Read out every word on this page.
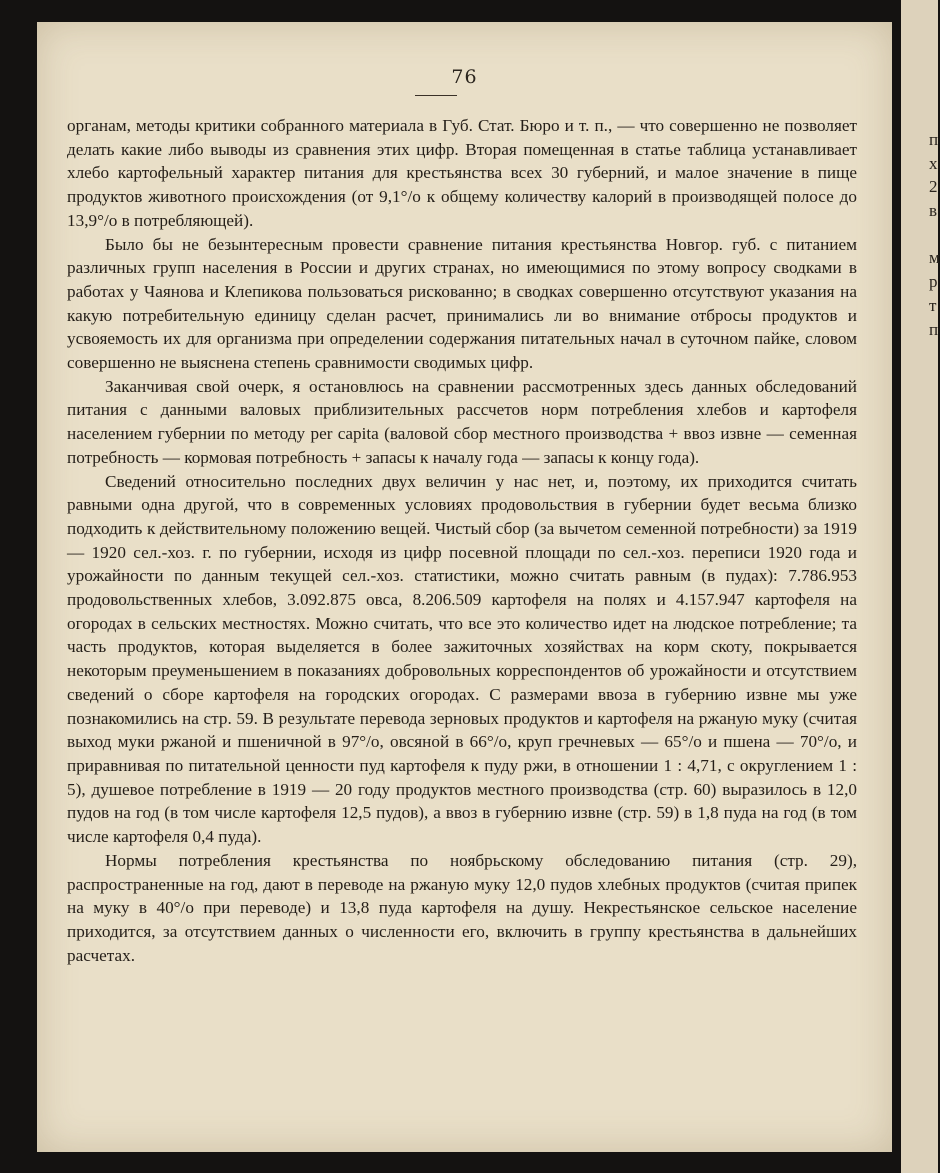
76

органам, методы критики собранного материала в Губ. Стат. Бюро и т. п., — что совершенно не позволяет делать какие либо выводы из сравнения этих цифр. Вторая помещенная в статье таблица устанавливает хлебо картофельный характер питания для крестьянства всех 30 губерний, и малое значение в пище продуктов животного происхождения (от 9,1°/о к общему количеству калорий в производящей полосе до 13,9°/о в потребляющей).

Было бы не безынтересным провести сравнение питания крестьянства Новгор. губ. с питанием различных групп населения в России и других странах, но имеющимися по этому вопросу сводками в работах у Чаянова и Клепикова пользоваться рискованно; в сводках совершенно отсутствуют указания на какую потребительную единицу сделан расчет, принимались ли во внимание отбросы продуктов и усвояемость их для организма при определении содержания питательных начал в суточном пайке, словом совершенно не выяснена степень сравнимости сводимых цифр.

Заканчивая свой очерк, я остановлюсь на сравнении рассмотренных здесь данных обследований питания с данными валовых приблизительных рассчетов норм потребления хлебов и картофеля населением губернии по методу per capita (валовой сбор местного производства + ввоз извне — семенная потребность — кормовая потребность + запасы к началу года — запасы к концу года).

Сведений относительно последних двух величин у нас нет, и, поэтому, их приходится считать равными одна другой, что в современных условиях продовольствия в губернии будет весьма близко подходить к действительному положению вещей. Чистый сбор (за вычетом семенной потребности) за 1919 — 1920 сел.-хоз. г. по губернии, исходя из цифр посевной площади по сел.-хоз. переписи 1920 года и урожайности по данным текущей сел.-хоз. статистики, можно считать равным (в пудах): 7.786.953 продовольственных хлебов, 3.092.875 овса, 8.206.509 картофеля на полях и 4.157.947 картофеля на огородах в сельских местностях. Можно считать, что все это количество идет на людское потребление; та часть продуктов, которая выделяется в более зажиточных хозяйствах на корм скоту, покрывается некоторым преуменьшением в показаниях добровольных корреспондентов об урожайности и отсутствием сведений о сборе картофеля на городских огородах. С размерами ввоза в губернию извне мы уже познакомились на стр. 59. В результате перевода зерновых продуктов и картофеля на ржаную муку (считая выход муки ржаной и пшеничной в 97°/о, овсяной в 66°/о, круп гречневых — 65°/о и пшена — 70°/о, и приравнивая по питательной ценности пуд картофеля к пуду ржи, в отношении 1 : 4,71, с округлением 1 : 5), душевое потребление в 1919 — 20 году продуктов местного производства (стр. 60) выразилось в 12,0 пудов на год (в том числе картофеля 12,5 пудов), а ввоз в губернию извне (стр. 59) в 1,8 пуда на год (в том числе картофеля 0,4 пуда).

Нормы потребления крестьянства по ноябрьскому обследованию питания (стр. 29), распространенные на год, дают в переводе на ржаную муку 12,0 пудов хлебных продуктов (считая припек на муку в 40°/о при переводе) и 13,8 пуда картофеля на душу. Некрестьянское сельское население приходится, за отсутствием данных о численности его, включить в группу крестьянства в дальнейших расчетах.

п
х
2
в
м
р
т
п
